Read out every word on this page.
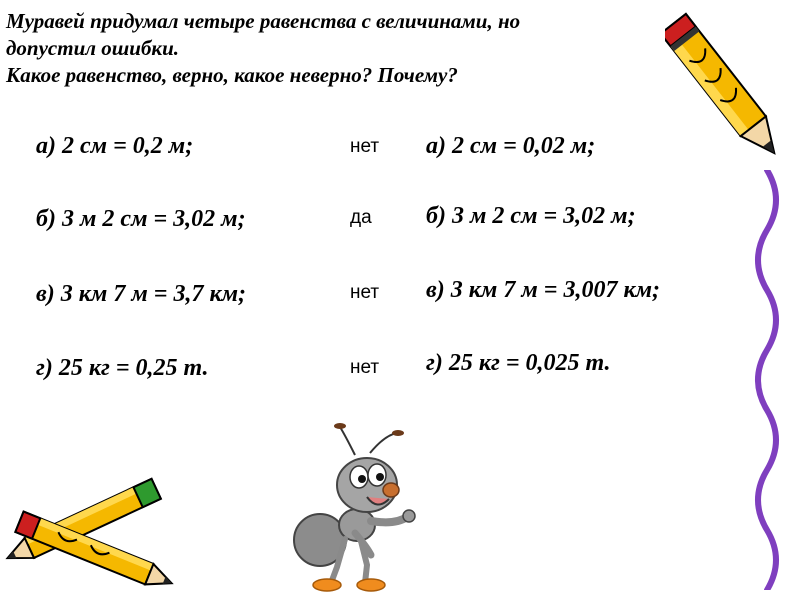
Муравей придумал четыре равенства с величинами, но
допустил ошибки.
Какое равенство, верно, какое неверно? Почему?
а) 2 см = 0,2 м;
б) 3 м 2 см = 3,02 м;
в) 3 км 7 м = 3,7 км;
г) 25 кг = 0,25 т.
нет
да
нет
нет
а) 2 см = 0,02 м;
б) 3 м 2 см = 3,02 м;
в) 3 км 7 м = 3,007 км;
г) 25 кг = 0,025 т.
